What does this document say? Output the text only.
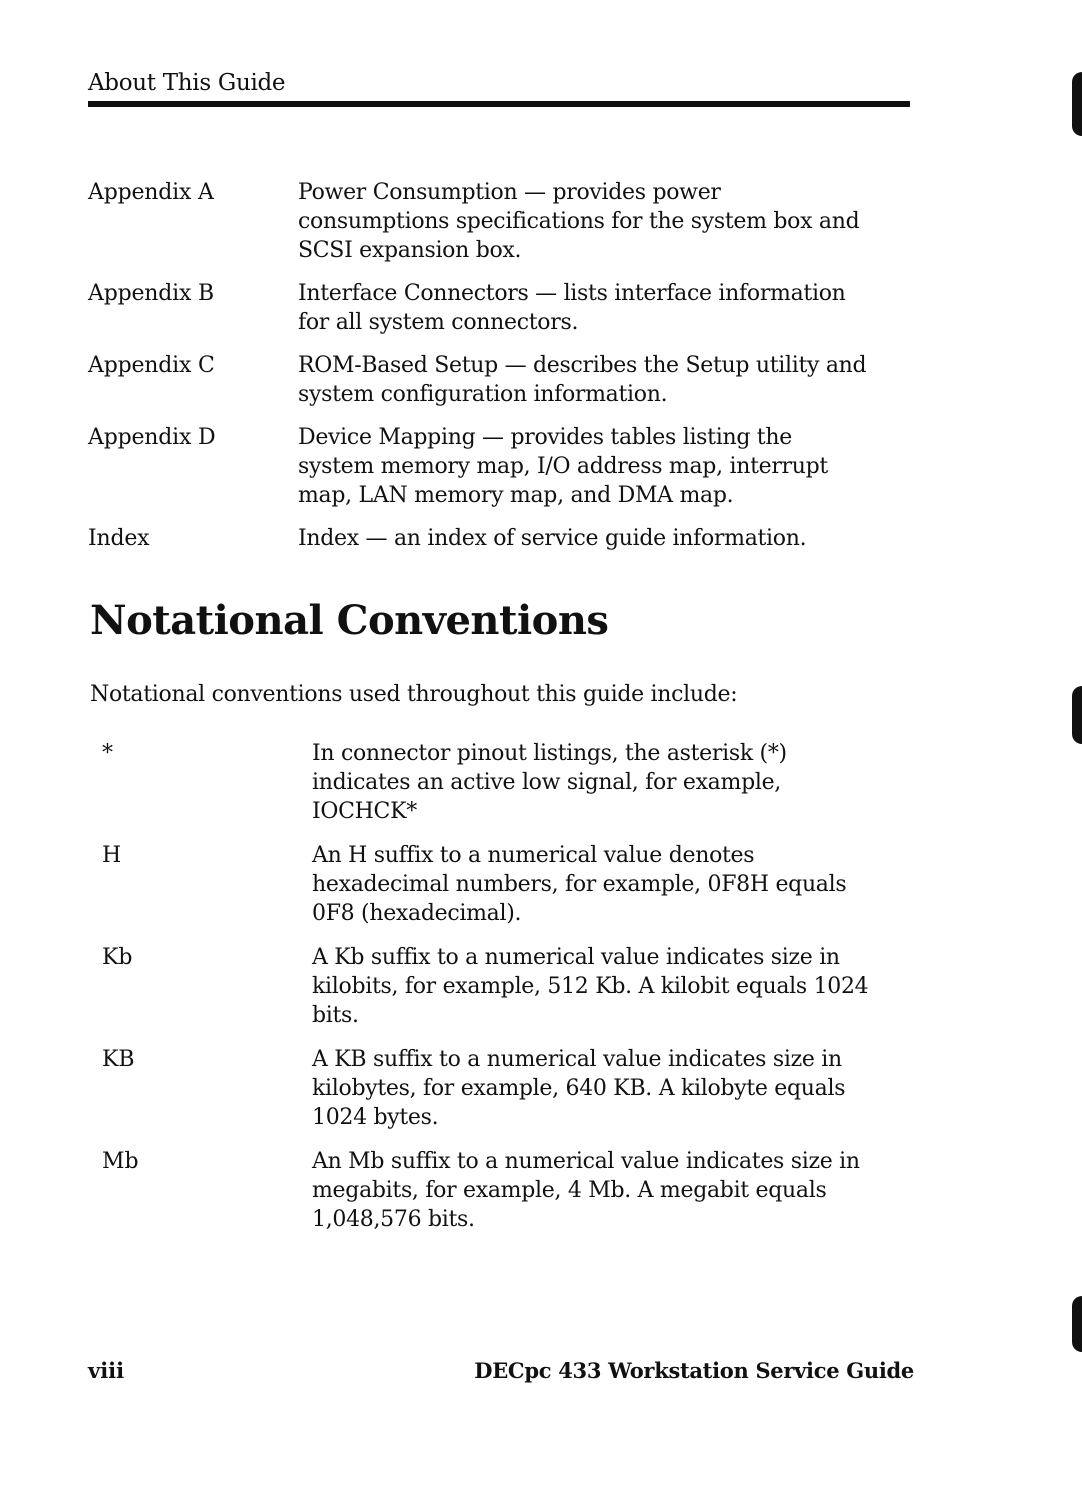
About This Guide
Appendix A	Power Consumption — provides power consumptions specifications for the system box and SCSI expansion box.
Appendix B	Interface Connectors — lists interface information for all system connectors.
Appendix C	ROM-Based Setup — describes the Setup utility and system configuration information.
Appendix D	Device Mapping — provides tables listing the system memory map, I/O address map, interrupt map, LAN memory map, and DMA map.
Index	Index — an index of service guide information.
Notational Conventions
Notational conventions used throughout this guide include:
*	In connector pinout listings, the asterisk (*) indicates an active low signal, for example, IOCHCK*
H	An H suffix to a numerical value denotes hexadecimal numbers, for example, 0F8H equals 0F8 (hexadecimal).
Kb	A Kb suffix to a numerical value indicates size in kilobits, for example, 512 Kb. A kilobit equals 1024 bits.
KB	A KB suffix to a numerical value indicates size in kilobytes, for example, 640 KB. A kilobyte equals 1024 bytes.
Mb	An Mb suffix to a numerical value indicates size in megabits, for example, 4 Mb. A megabit equals 1,048,576 bits.
viii	DECpc 433 Workstation Service Guide
